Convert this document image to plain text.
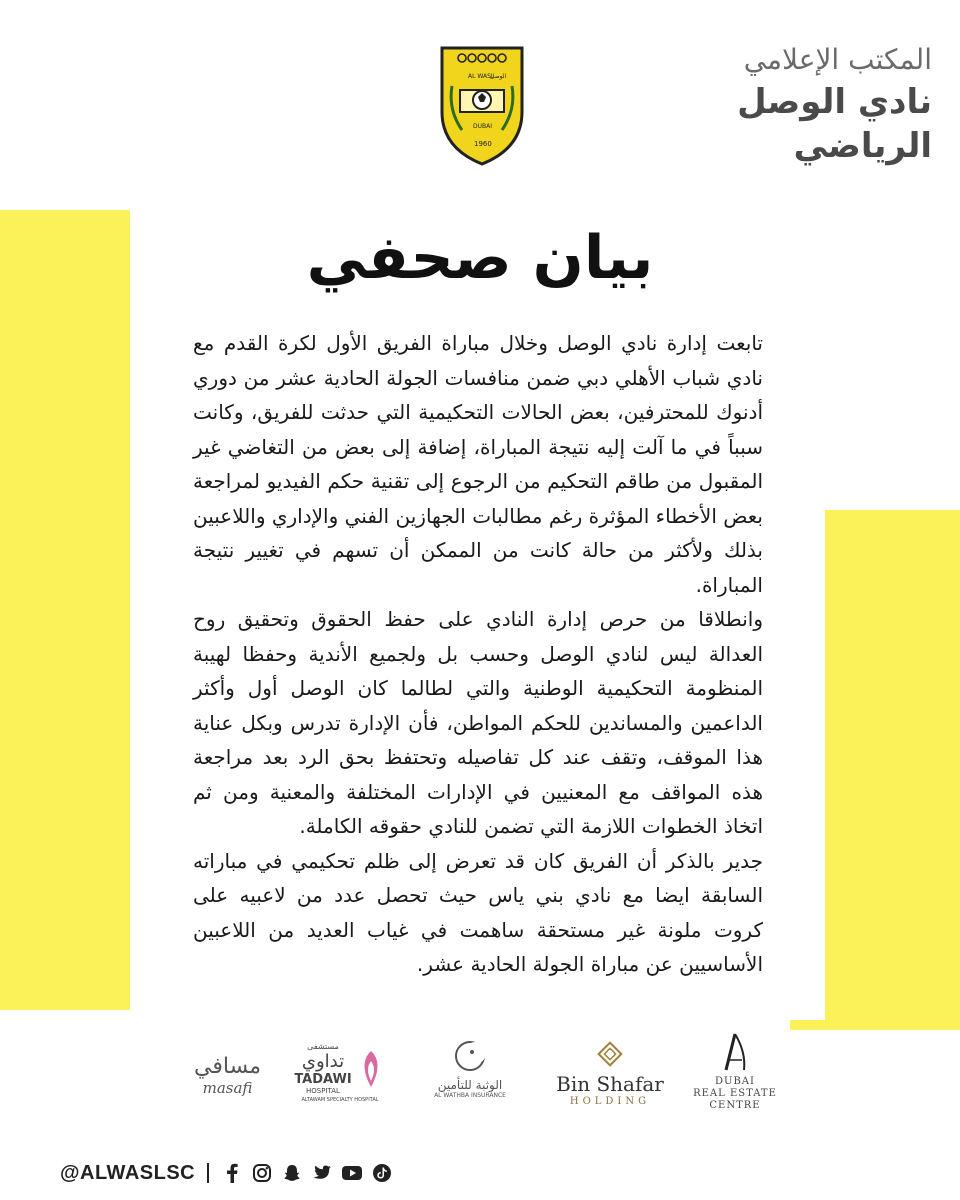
المكتب الإعلامي
نادي الوصل الرياضي
AL WASL
الوصل
DUBAI
1960
بيان صحفي

تابعت إدارة نادي الوصل وخلال مباراة الفريق الأول لكرة القدم مع نادي شباب الأهلي دبي ضمن منافسات الجولة الحادية عشر من دوري أدنوك للمحترفين، بعض الحالات التحكيمية التي حدثت للفريق، وكانت سبباً في ما آلت إليه نتيجة المباراة، إضافة إلى بعض من التغاضي غير المقبول من طاقم التحكيم من الرجوع إلى تقنية حكم الفيديو لمراجعة بعض الأخطاء المؤثرة رغم مطالبات الجهازين الفني والإداري واللاعبين بذلك ولأكثر من حالة كانت من الممكن أن تسهم في تغيير نتيجة المباراة.

وانطلاقا من حرص إدارة النادي على حفظ الحقوق وتحقيق روح العدالة ليس لنادي الوصل وحسب بل ولجميع الأندية وحفظا لهيبة المنظومة التحكيمية الوطنية والتي لطالما كان الوصل أول وأكثر الداعمين والمساندين للحكم المواطن، فأن الإدارة تدرس وبكل عناية هذا الموقف، وتقف عند كل تفاصيله وتحتفظ بحق الرد بعد مراجعة هذه المواقف مع المعنيين في الإدارات المختلفة والمعنية ومن ثم اتخاذ الخطوات اللازمة التي تضمن للنادي حقوقه الكاملة.

جدير بالذكر أن الفريق كان قد تعرض إلى ظلم تحكيمي في مباراته السابقة ايضا مع نادي بني ياس حيث تحصل عدد من لاعبيه على كروت ملونة غير مستحقة ساهمت في غياب العديد من اللاعبين الأساسيين عن مباراة الجولة الحادية عشر.

مسافي
masafi
مستشفى
تداوي
TADAWI
HOSPITAL
ALTAWAM SPECIALTY HOSPITAL
الوثبة للتأمين
AL WATHBA INSURANCE	Bin Shafar
HOLDING
DUBAI
REAL ESTATE
CENTRE
@ALWASLSC
